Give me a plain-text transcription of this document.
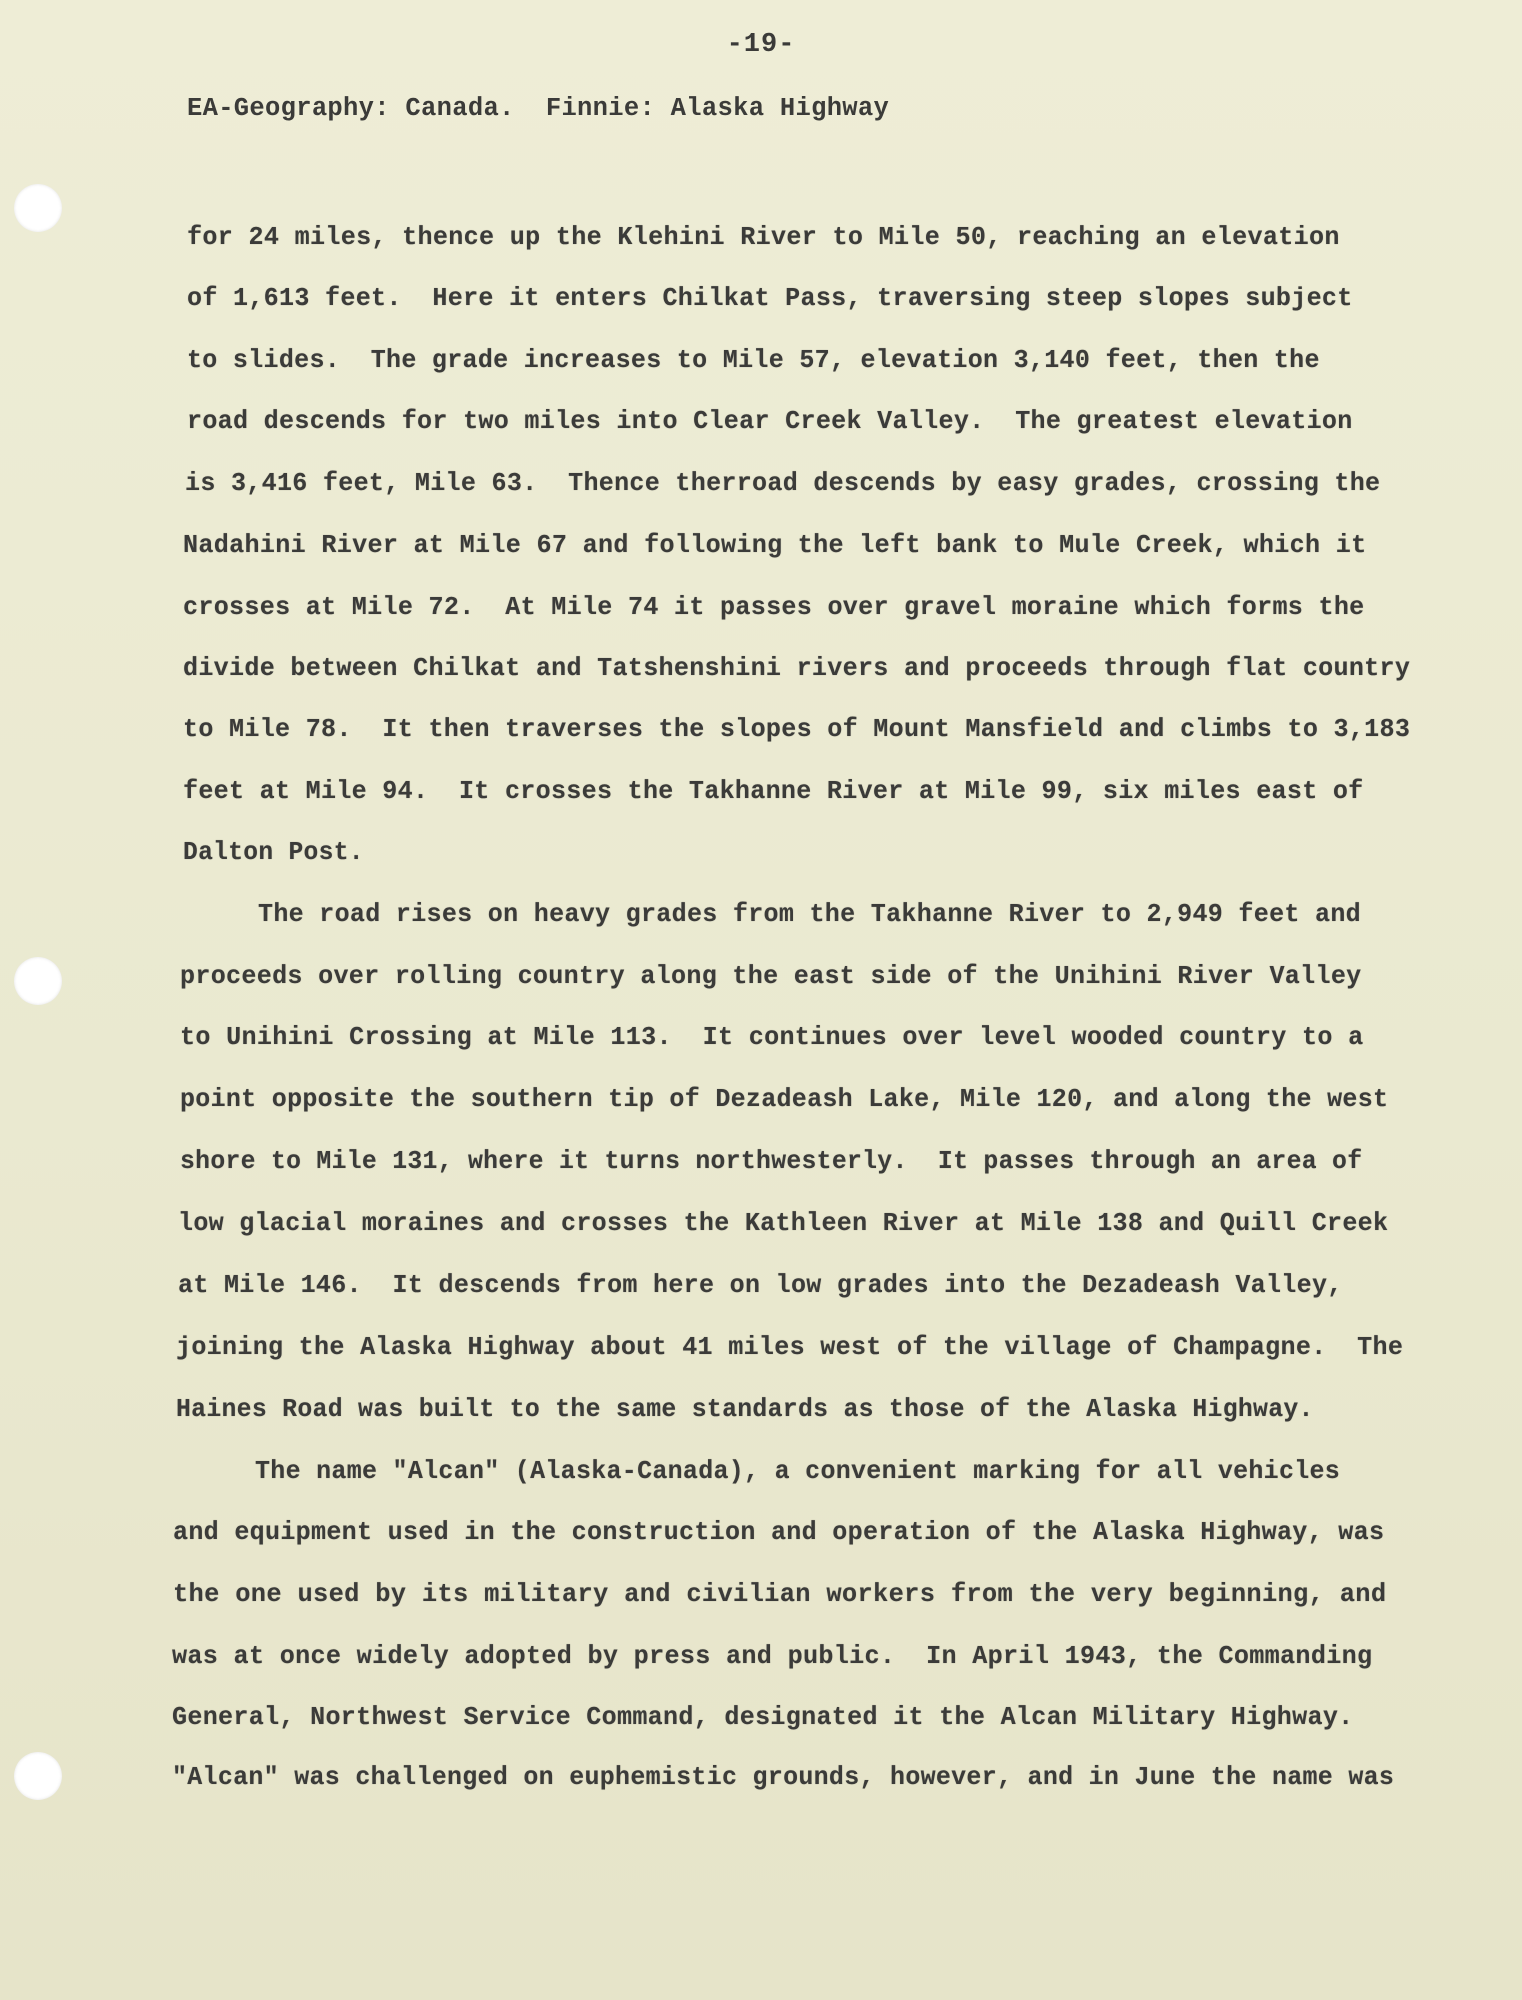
-19-
EA-Geography: Canada.  Finnie: Alaska Highway
for 24 miles, thence up the Klehini River to Mile 50, reaching an elevation
of 1,613 feet.  Here it enters Chilkat Pass, traversing steep slopes subject
to slides.  The grade increases to Mile 57, elevation 3,140 feet, then the
road descends for two miles into Clear Creek Valley.  The greatest elevation
is 3,416 feet, Mile 63.  Thence therroad descends by easy grades, crossing the
Nadahini River at Mile 67 and following the left bank to Mule Creek, which it
crosses at Mile 72.  At Mile 74 it passes over gravel moraine which forms the
divide between Chilkat and Tatshenshini rivers and proceeds through flat country
to Mile 78.  It then traverses the slopes of Mount Mansfield and climbs to 3,183
feet at Mile 94.  It crosses the Takhanne River at Mile 99, six miles east of
Dalton Post.
The road rises on heavy grades from the Takhanne River to 2,949 feet and
proceeds over rolling country along the east side of the Unihini River Valley
to Unihini Crossing at Mile 113.  It continues over level wooded country to a
point opposite the southern tip of Dezadeash Lake, Mile 120, and along the west
shore to Mile 131, where it turns northwesterly.  It passes through an area of
low glacial moraines and crosses the Kathleen River at Mile 138 and Quill Creek
at Mile 146.  It descends from here on low grades into the Dezadeash Valley,
joining the Alaska Highway about 41 miles west of the village of Champagne.  The
Haines Road was built to the same standards as those of the Alaska Highway.
The name "Alcan" (Alaska-Canada), a convenient marking for all vehicles
and equipment used in the construction and operation of the Alaska Highway, was
the one used by its military and civilian workers from the very beginning, and
was at once widely adopted by press and public.  In April 1943, the Commanding
General, Northwest Service Command, designated it the Alcan Military Highway.
"Alcan" was challenged on euphemistic grounds, however, and in June the name was
